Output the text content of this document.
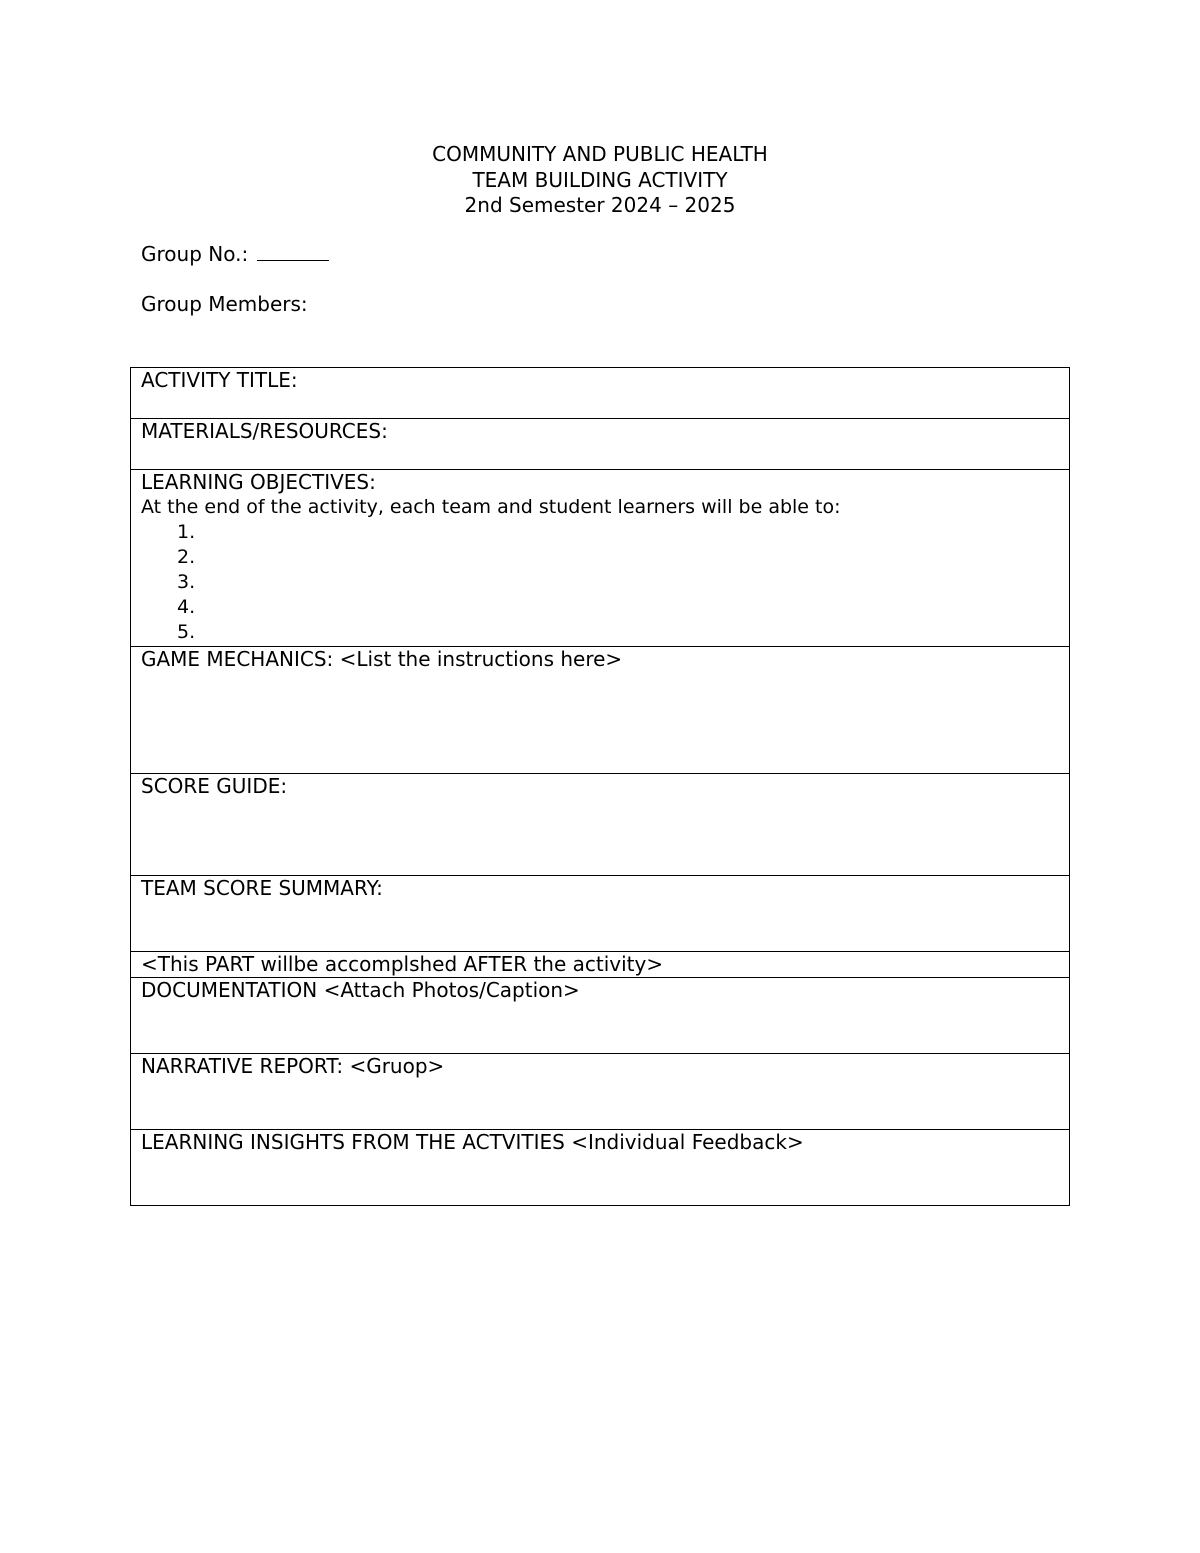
COMMUNITY AND PUBLIC HEALTH
TEAM BUILDING ACTIVITY
2nd Semester 2024 – 2025
Group No.:
Group Members:
ACTIVITY TITLE:
MATERIALS/RESOURCES:

LEARNING OBJECTIVES:
At the end of the activity, each team and student learners will be able to:
1.
2.
3.
4.
5.

GAME MECHANICS: <List the instructions here>
SCORE GUIDE:
TEAM SCORE SUMMARY:
<This PART willbe accomplshed AFTER the activity>
DOCUMENTATION <Attach Photos/Caption>
NARRATIVE REPORT: <Gruop>
LEARNING INSIGHTS FROM THE ACTVITIES <Individual Feedback>
